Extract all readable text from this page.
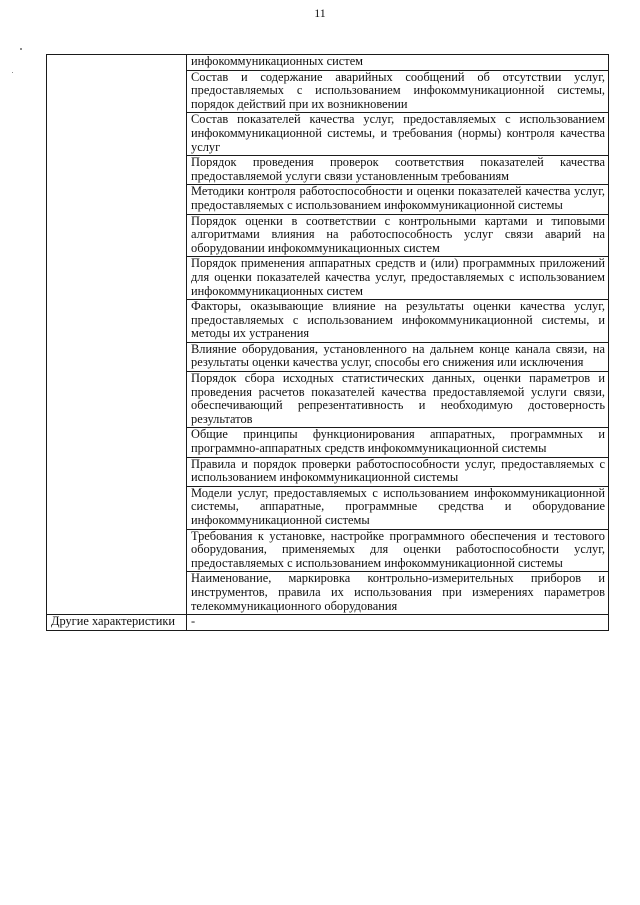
11
	инфокоммуникационных систем
	Состав и содержание аварийных сообщений об отсутствии услуг, предоставляемых с использованием инфокоммуникационной системы, порядок действий при их возникновении
	Состав показателей качества услуг, предоставляемых с использованием инфокоммуникационной системы, и требования (нормы) контроля качества услуг
	Порядок проведения проверок соответствия показателей качества предоставляемой услуги связи установленным требованиям
	Методики контроля работоспособности и оценки показателей качества услуг, предоставляемых с использованием инфокоммуникационной системы
	Порядок оценки в соответствии с контрольными картами и типовыми алгоритмами влияния на работоспособность услуг связи аварий на оборудовании инфокоммуникационных систем
	Порядок применения аппаратных средств и (или) программных приложений для оценки показателей качества услуг, предоставляемых с использованием инфокоммуникационных систем
	Факторы, оказывающие влияние на результаты оценки качества услуг, предоставляемых с использованием инфокоммуникационной системы, и методы их устранения
	Влияние оборудования, установленного на дальнем конце канала связи, на результаты оценки качества услуг, способы его снижения или исключения
	Порядок сбора исходных статистических данных, оценки параметров и проведения расчетов показателей качества предоставляемой услуги связи, обеспечивающий репрезентативность и необходимую достоверность результатов
	Общие принципы функционирования аппаратных, программных и программно-аппаратных средств инфокоммуникационной системы
	Правила и порядок проверки работоспособности услуг, предоставляемых с использованием инфокоммуникационной системы
	Модели услуг, предоставляемых с использованием инфокоммуникационной системы, аппаратные, программные средства и оборудование инфокоммуникационной системы
	Требования к установке, настройке программного обеспечения и тестового оборудования, применяемых для оценки работоспособности услуг, предоставляемых с использованием инфокоммуникационной системы
	Наименование, маркировка контрольно-измерительных приборов и инструментов, правила их использования при измерениях параметров телекоммуникационного оборудования
Другие характеристики	-
